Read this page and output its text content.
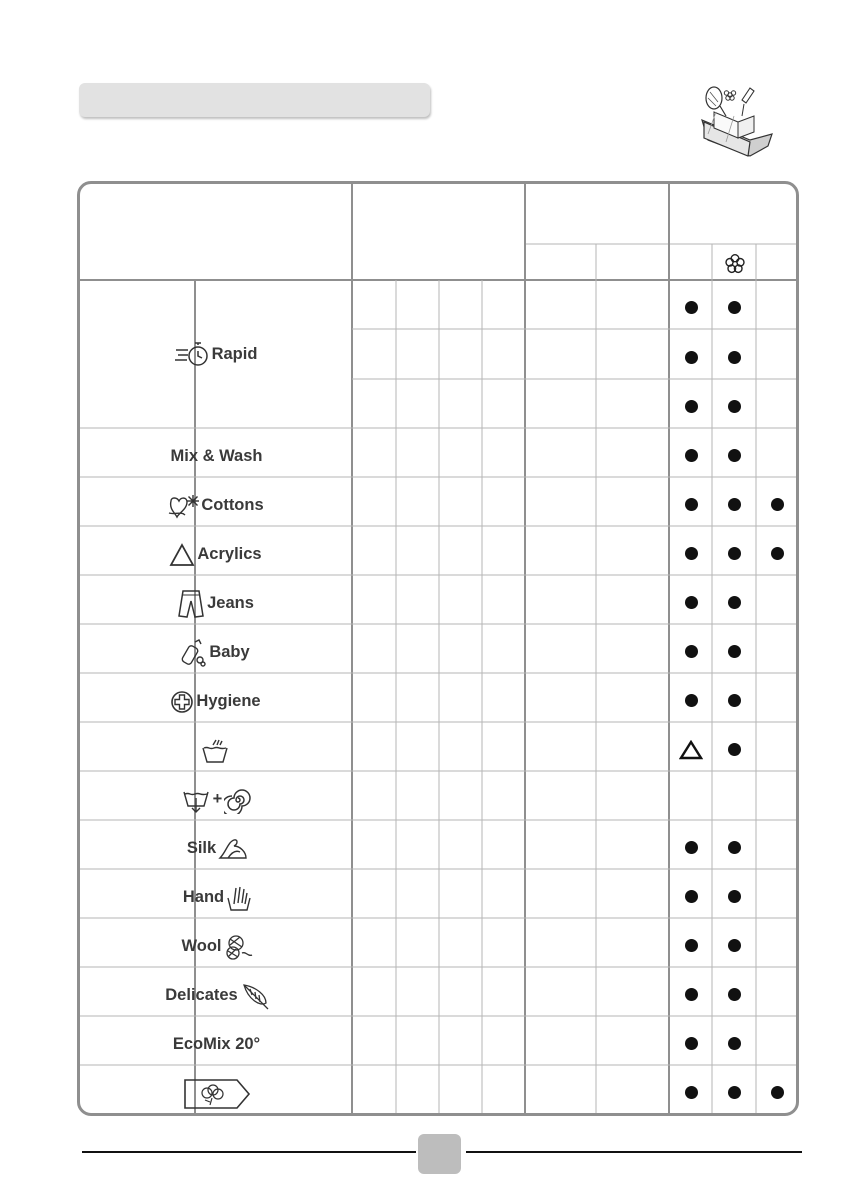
Rapid
Mix & Wash
Cottons
Acrylics
Jeans
Baby
Hygiene
+
Silk
Hand
Wool
Delicates
EcoMix 20°
